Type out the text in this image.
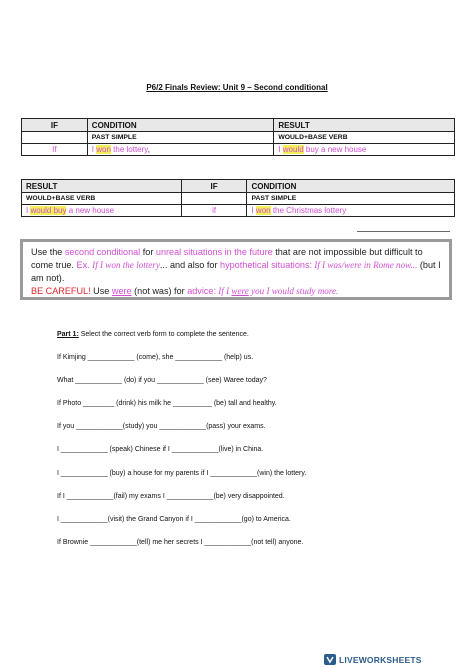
P6/2 Finals Review: Unit 9 – Second conditional
IF	CONDITION	RESULT
	PAST SIMPLE	WOULD+BASE VERB
If	I won the lottery,	I would buy a new house
RESULT	IF	CONDITION
WOULD+BASE VERB		PAST SIMPLE
I would buy a new house	if	I won the Christmas lottery
Use the second conditional for unreal situations in the future that are not impossible but difficult to come true. Ex. If I won the lottery... and also for hypothetical situations: If I was/were in Rome now... (but I am not).
BE CAREFUL! Use were (not was) for advice: If I were you I would study more.
Part 1: Select the correct verb form to complete the sentence.
If Kimjing ____________ (come), she ____________ (help) us.
What ____________ (do) if you ____________ (see) Waree today?
If Photo ________ (drink) his milk he __________ (be) tall and healthy.
If you ____________(study) you ____________(pass) your exams.
I ____________ (speak) Chinese if I ____________(live) in China.
I ____________ (buy) a house for my parents if I ____________(win) the lottery.
If I ____________(fail) my exams I ____________(be) very disappointed.
I ____________(visit) the Grand Canyon if I ____________(go) to America.
If Brownie ____________(tell) me her secrets I ____________(not tell) anyone.
LIVEWORKSHEETS
